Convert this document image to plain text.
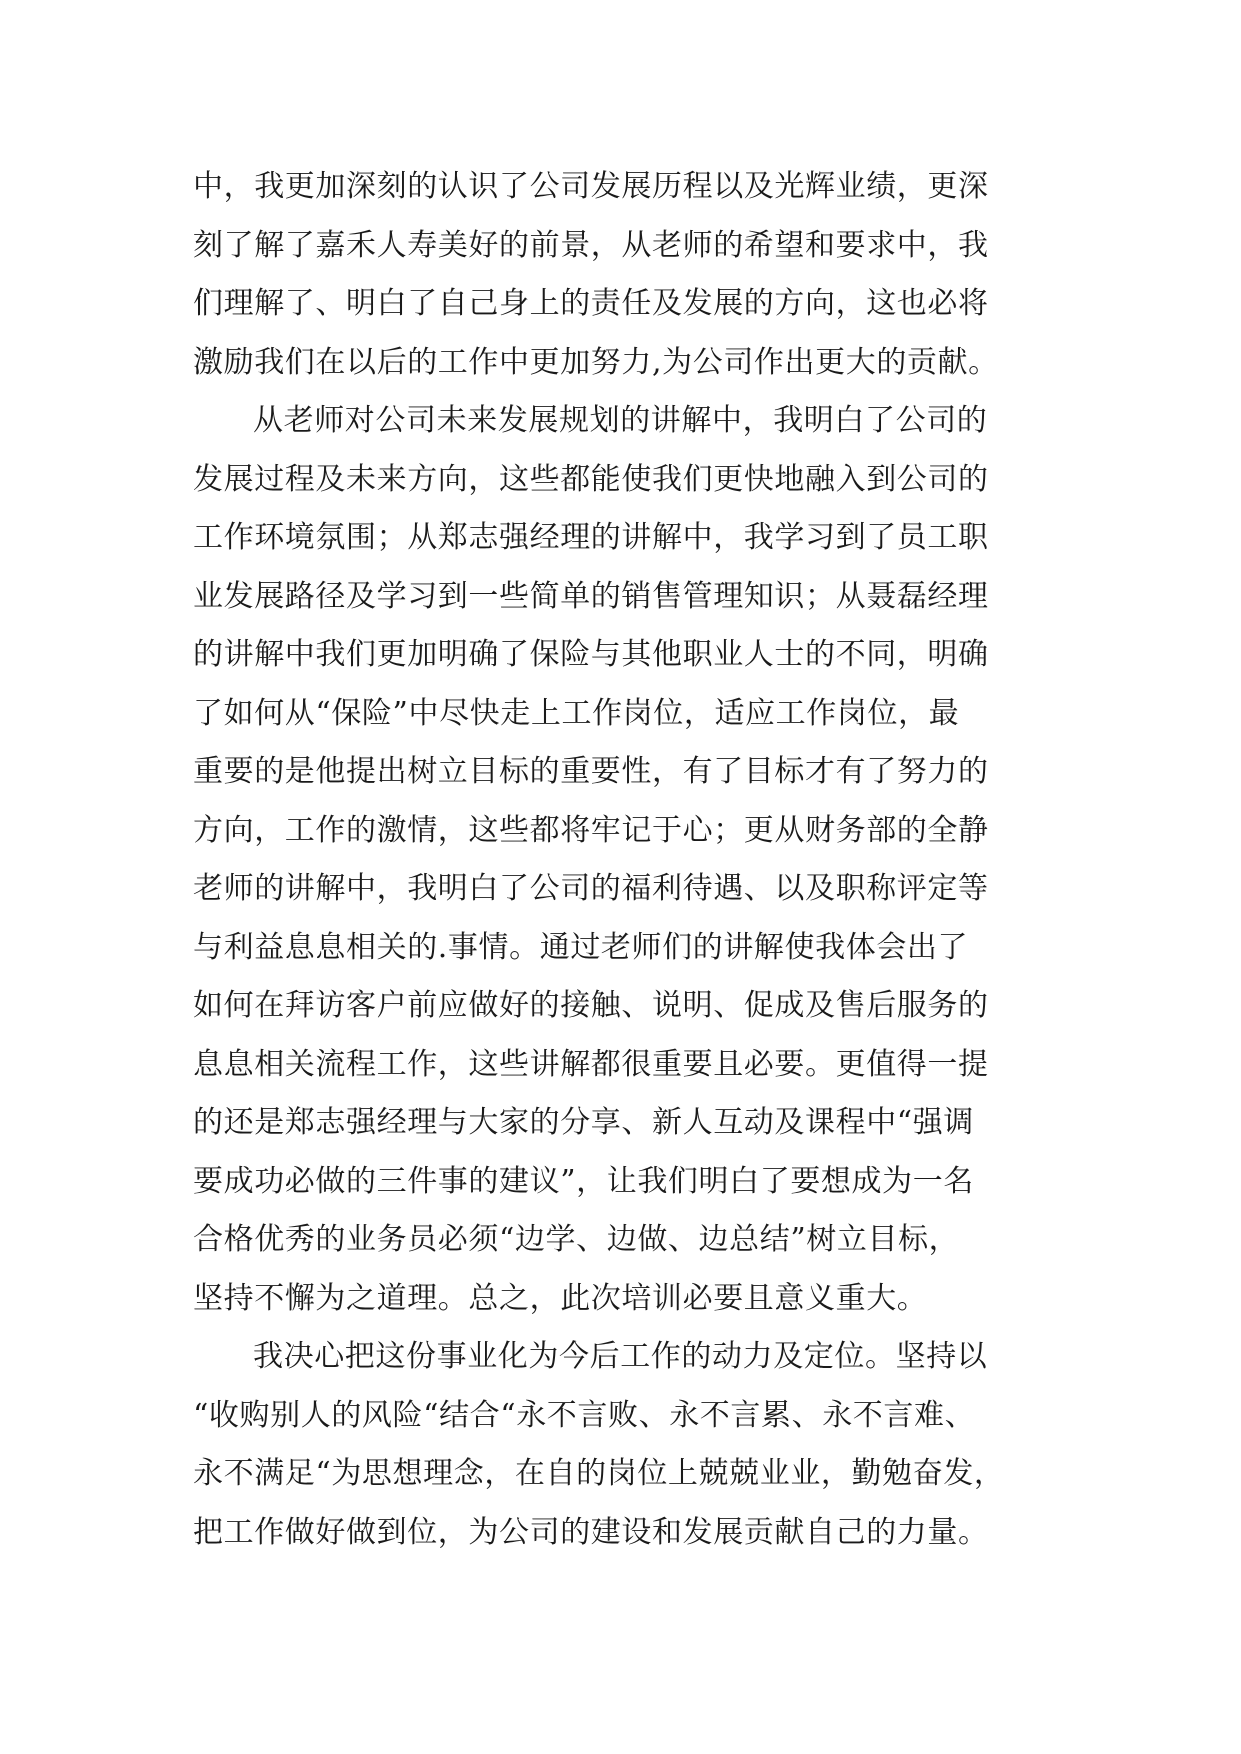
中，我更加深刻的认识了公司发展历程以及光辉业绩，更深
刻了解了嘉禾人寿美好的前景，从老师的希望和要求中，我
们理解了、明白了自己身上的责任及发展的方向，这也必将
激励我们在以后的工作中更加努力,为公司作出更大的贡献。
从老师对公司未来发展规划的讲解中，我明白了公司的
发展过程及未来方向，这些都能使我们更快地融入到公司的
工作环境氛围；从郑志强经理的讲解中，我学习到了员工职
业发展路径及学习到一些简单的销售管理知识；从聂磊经理
的讲解中我们更加明确了保险与其他职业人士的不同，明确
了如何从“保险”中尽快走上工作岗位，适应工作岗位，最
重要的是他提出树立目标的重要性，有了目标才有了努力的
方向，工作的激情，这些都将牢记于心；更从财务部的全静
老师的讲解中，我明白了公司的福利待遇、以及职称评定等
与利益息息相关的.事情。通过老师们的讲解使我体会出了
如何在拜访客户前应做好的接触、说明、促成及售后服务的
息息相关流程工作，这些讲解都很重要且必要。更值得一提
的还是郑志强经理与大家的分享、新人互动及课程中“强调
要成功必做的三件事的建议”，让我们明白了要想成为一名
合格优秀的业务员必须“边学、边做、边总结”树立目标，
坚持不懈为之道理。总之，此次培训必要且意义重大。
我决心把这份事业化为今后工作的动力及定位。坚持以
“收购别人的风险“结合“永不言败、永不言累、永不言难、
永不满足“为思想理念，在自的岗位上兢兢业业，勤勉奋发，
把工作做好做到位，为公司的建设和发展贡献自己的力量。
